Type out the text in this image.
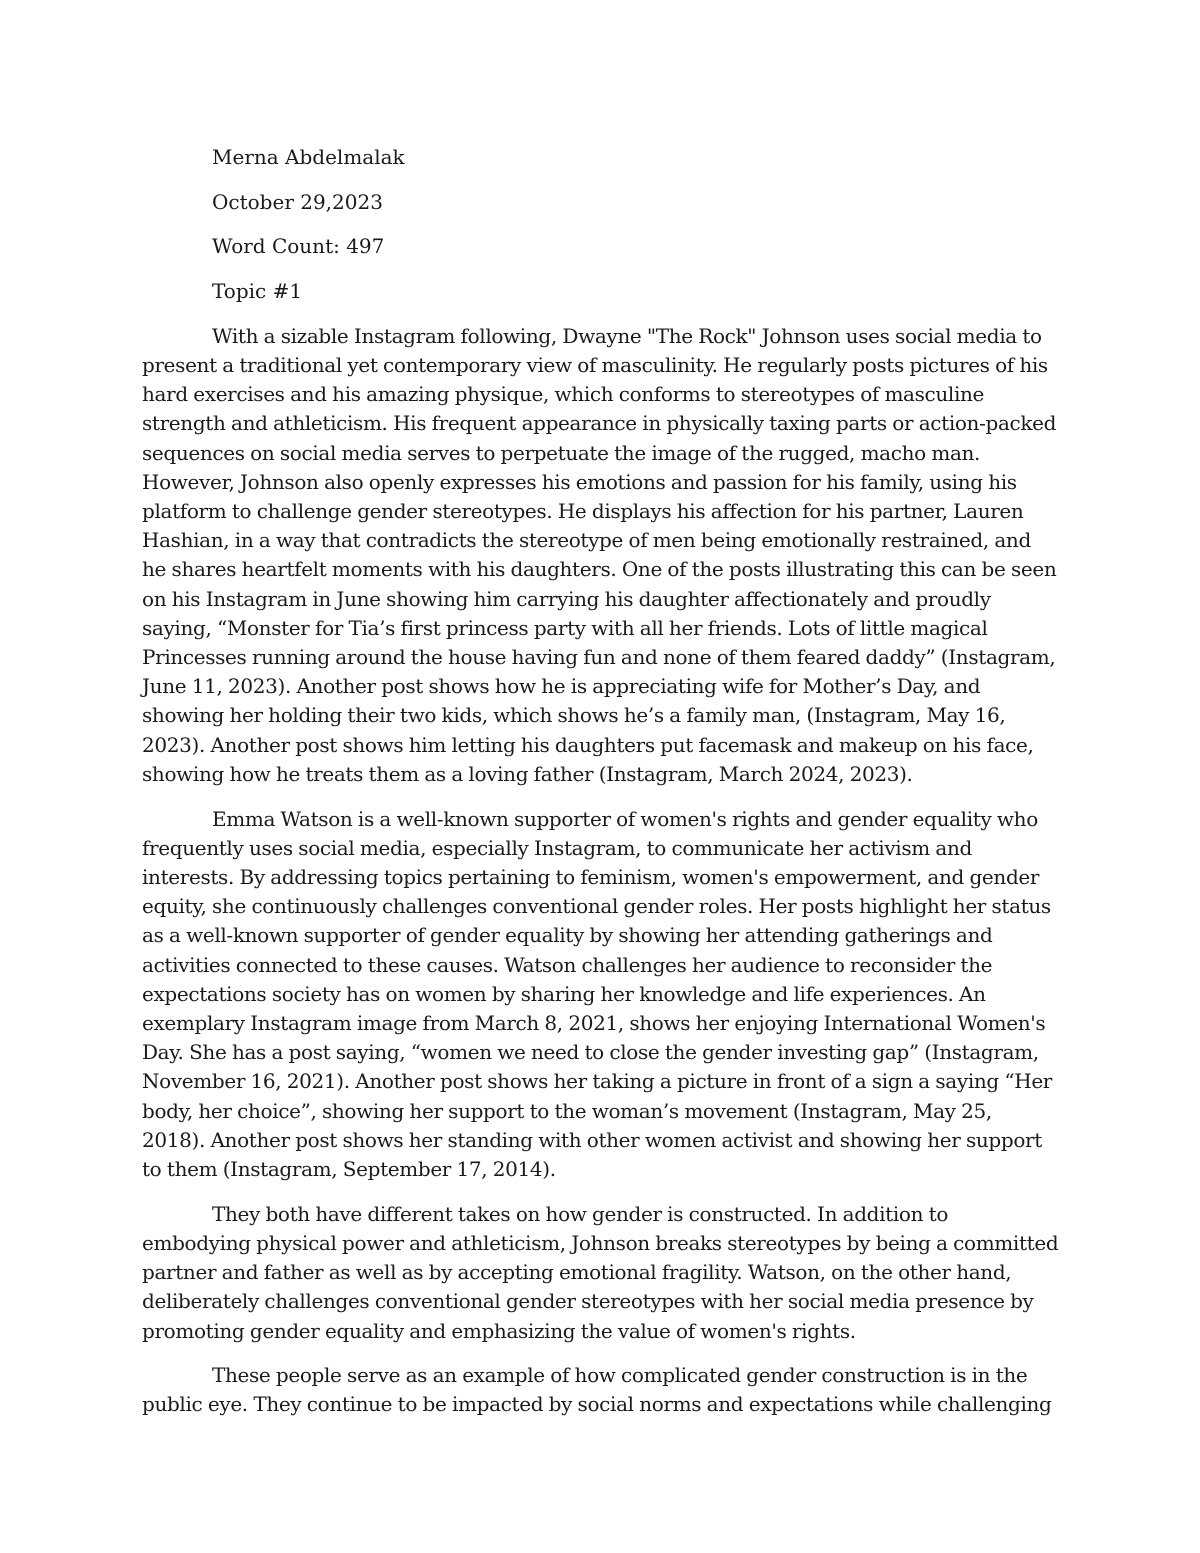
Merna Abdelmalak

October 29,2023

Word Count: 497

Topic #1

With a sizable Instagram following, Dwayne "The Rock" Johnson uses social media to present a traditional yet contemporary view of masculinity. He regularly posts pictures of his hard exercises and his amazing physique, which conforms to stereotypes of masculine strength and athleticism. His frequent appearance in physically taxing parts or action-packed sequences on social media serves to perpetuate the image of the rugged, macho man. However, Johnson also openly expresses his emotions and passion for his family, using his platform to challenge gender stereotypes. He displays his affection for his partner, Lauren Hashian, in a way that contradicts the stereotype of men being emotionally restrained, and he shares heartfelt moments with his daughters. One of the posts illustrating this can be seen on his Instagram in June showing him carrying his daughter affectionately and proudly saying, “Monster for Tia’s first princess party with all her friends. Lots of little magical Princesses running around the house having fun and none of them feared daddy” (Instagram, June 11, 2023). Another post shows how he is appreciating wife for Mother’s Day, and showing her holding their two kids, which shows he’s a family man, (Instagram, May 16, 2023). Another post shows him letting his daughters put facemask and makeup on his face, showing how he treats them as a loving father (Instagram, March 2024, 2023).

Emma Watson is a well-known supporter of women's rights and gender equality who frequently uses social media, especially Instagram, to communicate her activism and interests. By addressing topics pertaining to feminism, women's empowerment, and gender equity, she continuously challenges conventional gender roles. Her posts highlight her status as a well-known supporter of gender equality by showing her attending gatherings and activities connected to these causes. Watson challenges her audience to reconsider the expectations society has on women by sharing her knowledge and life experiences. An exemplary Instagram image from March 8, 2021, shows her enjoying International Women's Day. She has a post saying, “women we need to close the gender investing gap” (Instagram, November 16, 2021). Another post shows her taking a picture in front of a sign a saying “Her body, her choice”, showing her support to the woman’s movement (Instagram, May 25, 2018). Another post shows her standing with other women activist and showing her support to them (Instagram, September 17, 2014).

They both have different takes on how gender is constructed. In addition to embodying physical power and athleticism, Johnson breaks stereotypes by being a committed partner and father as well as by accepting emotional fragility. Watson, on the other hand, deliberately challenges conventional gender stereotypes with her social media presence by promoting gender equality and emphasizing the value of women's rights.

These people serve as an example of how complicated gender construction is in the public eye. They continue to be impacted by social norms and expectations while challenging
